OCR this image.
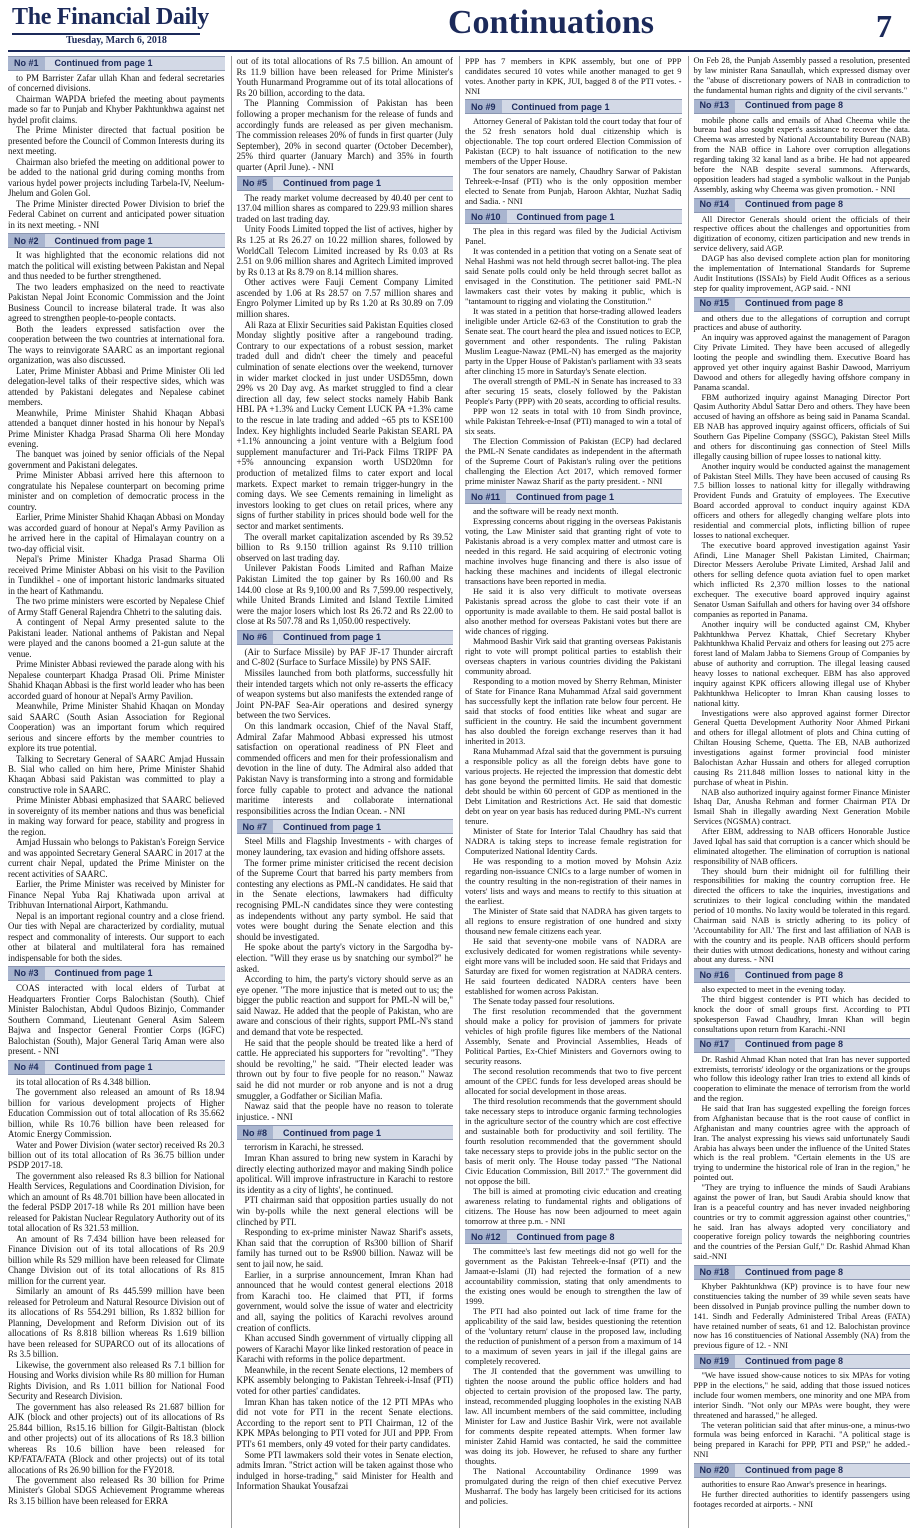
The Financial Daily
Tuesday, March 6, 2018	Continuations	7
No #1	Continued from page 1

to PM Barrister Zafar ullah Khan and federal secretaries of concerned divisions.

Chairman WAPDA briefed the meeting about payments made so far to Punjab and Khyber Pakhtunkhwa against net hydel profit claims.

The Prime Minister directed that factual position be presented before the Council of Common Interests during its next meeting.

Chairman also briefed the meeting on additional power to be added to the national grid during coming months from various hydel power projects including Tarbela-IV, Neelum-Jhelum and Golen Gol.

The Prime Minister directed Power Division to brief the Federal Cabinet on current and anticipated power situation in its next meeting. - NNI

No #2	Continued from page 1

It was highlighted that the economic relations did not match the political will existing between Pakistan and Nepal and thus needed to be further strengthened.

The two leaders emphasized on the need to reactivate Pakistan Nepal Joint Economic Commission and the Joint Business Council to increase bilateral trade. It was also agreed to strengthen people-to-people contacts.

Both the leaders expressed satisfaction over the cooperation between the two countries at international fora. The ways to reinvigorate SAARC as an important regional organization, was also discussed.

Later, Prime Minister Abbasi and Prime Minister Oli led delegation-level talks of their respective sides, which was attended by Pakistani delegates and Nepalese cabinet members.

Meanwhile, Prime Minister Shahid Khaqan Abbasi attended a banquet dinner hosted in his honour by Nepal's Prime Minister Khadga Prasad Sharma Oli here Monday evening.

The banquet was joined by senior officials of the Nepal government and Pakistani delegates.

Prime Minister Abbasi arrived here this afternoon to congratulate his Nepalese counterpart on becoming prime minister and on completion of democratic process in the country.

Earlier, Prime Minister Shahid Khaqan Abbasi on Monday was accorded guard of honour at Nepal's Army Pavilion as he arrived here in the capital of Himalayan country on a two-day official visit.

Nepal's Prime Minister Khadga Prasad Sharma Oli received Prime Minister Abbasi on his visit to the Pavilion in Tundikhel - one of important historic landmarks situated in the heart of Kathmandu.

The two prime ministers were escorted by Nepalese Chief of Army Staff General Rajendra Chhetri to the saluting dais.

A contingent of Nepal Army presented salute to the Pakistani leader. National anthems of Pakistan and Nepal were played and the canons boomed a 21-gun salute at the venue.

Prime Minister Abbasi reviewed the parade along with his Nepalese counterpart Khadga Prasad Oli. Prime Minister Shahid Khaqan Abbasi is the first world leader who has been accorded guard of honour at Nepal's Army Pavilion.

Meanwhile, Prime Minister Shahid Khaqan on Monday said SAARC (South Asian Association for Regional Cooperation) was an important forum which required serious and sincere efforts by the member countries to explore its true potential.

Talking to Secretary General of SAARC Amjad Hussain B. Sial who called on him here, Prime Minister Shahid Khaqan Abbasi said Pakistan was committed to play a constructive role in SAARC.

Prime Minister Abbasi emphasized that SAARC believed in sovereignty of its member nations and thus was beneficial in making way forward for peace, stability and progress in the region.

Amjad Hussain who belongs to Pakistan's Foreign Service and was appointed Secretary General SAARC in 2017 at the current chair Nepal, updated the Prime Minister on the recent activities of SAARC.

Earlier, the Prime Minister was received by Minister for Finance Nepal Yuba Raj Khatiwada upon arrival at Tribhuvan International Airport, Kathmandu.

Nepal is an important regional country and a close friend. Our ties with Nepal are characterized by cordiality, mutual respect and commonality of interests. Our support to each other at bilateral and multilateral fora has remained indispensable for both the sides.

No #3	Continued from page 1

COAS interacted with local elders of Turbat at Headquarters Frontier Corps Balochistan (South). Chief Minister Balochistan, Abdul Qudoos Bizinjo, Commander Southern Command, Lieutenant General Asim Saleem Bajwa and Inspector General Frontier Corps (IGFC) Balochistan (South), Major General Tariq Aman were also present. - NNI

No #4	Continued from page 1

its total allocation of Rs 4.348 billion.

The government also released an amount of Rs 18.94 billion for various development projects of Higher Education Commission out of total allocation of Rs 35.662 billion, while Rs 10.76 billion have been released for Atomic Energy Commission.

Water and Power Division (water sector) received Rs 20.3 billion out of its total allocation of Rs 36.75 billion under PSDP 2017-18.

The government also released Rs 8.3 billion for National Health Services, Regulations and Coordination Division, for which an amount of Rs 48.701 billion have been allocated in the federal PSDP 2017-18 while Rs 201 million have been released for Pakistan Nuclear Regulatory Authority out of its total allocation of Rs 321.53 million.

An amount of Rs 7.434 billion have been released for Finance Division out of its total allocations of Rs 20.9 billion while Rs 529 million have been released for Climate Change Division out of its total allocations of Rs 815 million for the current year.

Similarly an amount of Rs 445.599 million have been released for Petroleum and Natural Resource Division out of its allocations of Rs 554.291 billion, Rs 1.832 billion for Planning, Development and Reform Division out of its allocations of Rs 8.818 billion whereas Rs 1.619 billion have been released for SUPARCO out of its allocations of Rs 3.5 billion.

Likewise, the government also released Rs 7.1 billion for Housing and Works division while Rs 80 million for Human Rights Division, and Rs 1.011 billion for National Food Security and Research Division.

The government has also released Rs 21.687 billion for AJK (block and other projects) out of its allocations of Rs 25.844 billion, Rs15.16 billion for Gilgit-Baltistan (block and other projects) out of its allocations of Rs 18.3 billion whereas Rs 10.6 billion have been released for KP/FATA/FATA (Block and other projects) out of its total allocations of Rs 26.90 billion for the FY2018.

The government also released Rs 30 billion for Prime Minister's Global SDGS Achievement Programme whereas Rs 3.15 billion have been released for ERRA

out of its total allocations of Rs 7.5 billion. An amount of Rs 11.9 billion have been released for Prime Minister's Youth Hunarmand Programme out of its total allocations of Rs 20 billion, according to the data.

The Planning Commission of Pakistan has been following a proper mechanism for the release of funds and accordingly funds are released as per given mechanism. The commission releases 20% of funds in first quarter (July September), 20% in second quarter (October December), 25% third quarter (January March) and 35% in fourth quarter (April June). - NNI

No #5	Continued from page 1

The ready market volume decreased by 40.40 per cent to 137.04 million shares as compared to 229.93 million shares traded on last trading day.

Unity Foods Limited topped the list of actives, higher by Rs 1.25 at Rs 26.27 on 10.22 million shares, followed by WorldCall Telecom Limited increased by Rs 0.03 at Rs 2.51 on 9.06 million shares and Agritech Limited improved by Rs 0.13 at Rs 8.79 on 8.14 million shares.

Other actives were Fauji Cement Company Limited ascended by 1.06 at Rs 28.57 on 7.57 million shares and Engro Polymer Limited up by Rs 1.20 at Rs 30.89 on 7.09 million shares.

Ali Raza at Elixir Securities said Pakistan Equities closed Monday slightly positive after a rangebound trading. Contrary to our expectations of a robust session, market traded dull and didn't cheer the timely and peaceful culmination of senate elections over the weekend, turnover in wider market clocked in just under USD55mn, down 29% vs 20 Day avg. As market struggled to find a clear direction all day, few select stocks namely Habib Bank HBL PA +1.3% and Lucky Cement LUCK PA +1.3% came to the rescue in late trading and added ~65 pts to KSE100 Index. Key highlights included Searle Pakistan SEARL PA +1.1% announcing a joint venture with a Belgium food supplement manufacturer and Tri-Pack Films TRIPF PA +5% announcing expansion worth USD20mn for production of metalized films to cater export and local markets. Expect market to remain trigger-hungry in the coming days. We see Cements remaining in limelight as investors looking to get clues on retail prices, where any signs of further stability in prices should bode well for the sector and market sentiments.

The overall market capitalization ascended by Rs 39.52 billion to Rs 9.150 trillion against Rs 9.110 trillion observed on last trading day.

Unilever Pakistan Foods Limited and Rafhan Maize Pakistan Limited the top gainer by Rs 160.00 and Rs 144.00 close at Rs 9,100.00 and Rs 7,599.00 respectively, while United Brands Limited and Island Textile Limited were the major losers which lost Rs 26.72 and Rs 22.00 to close at Rs 507.78 and Rs 1,050.00 respectively.

No #6	Continued from page 1

(Air to Surface Missile) by PAF JF-17 Thunder aircraft and C-802 (Surface to Surface Missile) by PNS SAIF.

Missiles launched from both platforms, successfully hit their intended targets which not only re-asserts the efficacy of weapon systems but also manifests the extended range of Joint PN-PAF Sea-Air operations and desired synergy between the two Services.

On this landmark occasion, Chief of the Naval Staff, Admiral Zafar Mahmood Abbasi expressed his utmost satisfaction on operational readiness of PN Fleet and commended officers and men for their professionalism and devotion in the line of duty. The Admiral also added that Pakistan Navy is transforming into a strong and formidable force fully capable to protect and advance the national maritime interests and collaborate international responsibilities across the Indian Ocean. - NNI

No #7	Continued from page 1

Steel Mills and Flagship Investments - with charges of money laundering, tax evasion and hiding offshore assets.

The former prime minister criticised the recent decision of the Supreme Court that barred his party members from contesting any elections as PML-N candidates. He said that in the Senate elections, lawmakers had difficulty recognising PML-N candidates since they were contesting as independents without any party symbol. He said that votes were bought during the Senate election and this should be investigated.

He spoke about the party's victory in the Sargodha by-election. "Will they erase us by snatching our symbol?" he asked.

According to him, the party's victory should serve as an eye opener. "The more injustice that is meted out to us; the bigger the public reaction and support for PML-N will be," said Nawaz. He added that the people of Pakistan, who are aware and conscious of their rights, support PML-N's stand and demand that vote be respected.

He said that the people should be treated like a herd of cattle. He appreciated his supporters for "revolting". "They should be revolting," he said. "Their elected leader was thrown out by four to five people for no reason." Nawaz said he did not murder or rob anyone and is not a drug smuggler, a Godfather or Sicilian Mafia.

Nawaz said that the people have no reason to tolerate injustice. - NNI

No #8	Continued from page 1

terrorism in Karachi, he stressed.

Imran Khan assured to bring new system in Karachi by directly electing authorized mayor and making Sindh police apolitical. Will improve infrastructure in Karachi to restore its identity as a city of lights', he continued.

PTI chairman said that opposition parties usually do not win by-polls while the next general elections will be clinched by PTI.

Responding to ex-prime minister Nawaz Sharif's assets, Khan said that the corruption of Rs300 billion of Sharif family has turned out to be Rs900 billion. Nawaz will be sent to jail now, he said.

Earlier, in a surprise announcement, Imran Khan had announced that he would contest general elections 2018 from Karachi too. He claimed that PTI, if forms government, would solve the issue of water and electricity and all, saying the politics of Karachi revolves around creation of conflicts.

Khan accused Sindh government of virtually clipping all powers of Karachi Mayor like linked restoration of peace in Karachi with reforms in the police department.

Meanwhile, in the recent Senate elections, 12 members of KPK assembly belonging to Pakistan Tehreek-i-Insaf (PTI) voted for other parties' candidates.

Imran Khan has taken notice of the 12 PTI MPAs who did not vote for PTI in the recent Senate elections. According to the report sent to PTI Chairman, 12 of the KPK MPAs belonging to PTI voted for JUI and PPP. From PTI's 61 members, only 49 voted for their party candidates.

Some PTI lawmakers sold their votes in Senate election, admits Imran. "Strict action will be taken against those who indulged in horse-trading," said Minister for Health and Information Shaukat Yousafzai

PPP has 7 members in KPK assembly, but one of PPP candidates secured 10 votes while another managed to get 9 votes. Another party in KPK, JUI, bagged 8 of the PTI votes. - NNI

No #9	Continued from page 1

Attorney General of Pakistan told the court today that four of the 52 fresh senators hold dual citizenship which is objectionable. The top court ordered Election Commission of Pakistan (ECP) to halt issuance of notification to the new members of the Upper House.

The four senators are namely, Chaudhry Sarwar of Pakistan Tehreek-e-Insaf (PTI) who is the only opposition member elected to Senate from Punjab, Haroon Akhtar, Nuzhat Sadiq and Sadia. - NNI

No #10	Continued from page 1

The plea in this regard was filed by the Judicial Activism Panel.

It was contended in a petition that voting on a Senate seat of Nehal Hashmi was not held through secret ballot-ing. The plea said Senate polls could only be held through secret ballot as envisaged in the Constitution. The petitioner said PML-N lawmakers cast their votes by making it public, which is "tantamount to rigging and violating the Constitution."

It was stated in a petition that horse-trading allowed leaders ineligible under Article 62-63 of the Constitution to grab the Senate seat. The court heard the plea and issued notices to ECP, government and other respondents. The ruling Pakistan Muslim League-Nawaz (PML-N) has emerged as the majority party in the Upper House of Pakistan's parliament with 33 seats after clinching 15 more in Saturday's Senate election.

The overall strength of PML-N in Senate has increased to 33 after securing 15 seats, closely followed by the Pakistan People's Party (PPP) with 20 seats, according to official results.

PPP won 12 seats in total with 10 from Sindh province, while Pakistan Tehreek-e-Insaf (PTI) managed to win a total of six seats.

The Election Commission of Pakistan (ECP) had declared the PML-N Senate candidates as independent in the aftermath of the Supreme Court of Pakistan's ruling over the petitions challenging the Election Act 2017, which removed former prime minister Nawaz Sharif as the party president. - NNI

No #11	Continued from page 1

and the software will be ready next month.

Expressing concerns about rigging in the overseas Pakistanis voting, the Law Minister said that granting right of vote to Pakistanis abroad is a very complex matter and utmost care is needed in this regard. He said acquiring of electronic voting machine involves huge financing and there is also issue of hacking these machines and incidents of illegal electronic transactions have been reported in media.

He said it is also very difficult to motivate overseas Pakistanis spread across the globe to cast their vote if an opportunity is made available to them. He said postal ballot is also another method for overseas Pakistani votes but there are wide chances of rigging.

Mahmood Bashir Virk said that granting overseas Pakistanis right to vote will prompt political parties to establish their overseas chapters in various countries dividing the Pakistani community abroad.

Responding to a motion moved by Sherry Rehman, Minister of State for Finance Rana Muhammad Afzal said government has successfully kept the inflation rate below four percent. He said that stocks of food entities like wheat and sugar are sufficient in the country. He said the incumbent government has also doubled the foreign exchange reserves than it had inherited in 2013.

Rana Muhammad Afzal said that the government is pursuing a responsible policy as all the foreign debts have gone to various projects. He rejected the impression that domestic debt has gone beyond the permitted limits. He said that domestic debt should be within 60 percent of GDP as mentioned in the Debt Limitation and Restrictions Act. He said that domestic debt on year on year basis has reduced during PML-N's current tenure.

Minister of State for Interior Talal Chaudhry has said that NADRA is taking steps to increase female registration for Computerized National Identity Cards.

He was responding to a motion moved by Mohsin Aziz regarding non-issuance CNICs to a large number of women in the country resulting in the non-registration of their names in voters' lists and ways and means to rectify to this situation at the earliest.

The Minister of State said that NADRA has given targets to all regions to ensure registration of one hundred and sixty thousand new female citizens each year.

He said that seventy-one mobile vans of NADRA are exclusively dedicated for women registrations while seventy-eight more vans will be included soon. He said that Fridays and Saturday are fixed for women registration at NADRA centers. He said fourteen dedicated NADRA centers have been established for women across Pakistan.

The Senate today passed four resolutions.

The first resolution recommended that the government should make a policy for provision of jammers for private vehicles of high profile figures like members of the National Assembly, Senate and Provincial Assemblies, Heads of Political Parties, Ex-Chief Ministers and Governors owing to security reasons.

The second resolution recommends that two to five percent amount of the CPEC funds for less developed areas should be allocated for social development in those areas.

The third resolution recommends that the government should take necessary steps to introduce organic farming technologies in the agriculture sector of the country which are cost effective and sustainable both for productivity and soil fertility. The fourth resolution recommended that the government should take necessary steps to provide jobs in the public sector on the basis of merit only. The House today passed "The National Civic Education Commission, Bill 2017." The government did not oppose the bill.

The bill is aimed at promoting civic education and creating awareness relating to fundamental rights and obligations of citizens. The House has now been adjourned to meet again tomorrow at three p.m. - NNI

No #12	Continued from page 8

The committee's last few meetings did not go well for the government as the Pakistan Tehreek-e-Insaf (PTI) and the Jamaat-e-Islami (JI) had rejected the formation of a new accountability commission, stating that only amendments to the existing ones would be enough to strengthen the law of 1999.

The PTI had also pointed out lack of time frame for the applicability of the said law, besides questioning the retention of the 'voluntary return' clause in the proposed law, including the reduction of punishment of a person from a maximum of 14 to a maximum of seven years in jail if the illegal gains are completely recovered.

The JI contended that the government was unwilling to tighten the noose around the public office holders and had objected to certain provision of the proposed law. The party, instead, recommended plugging loopholes in the existing NAB law. All incumbent members of the said committee, including Minister for Law and Justice Bashir Virk, were not available for comments despite repeated attempts. When former law minister Zahid Hamid was contacted, he said the committee was doing its job. However, he refused to share any further thoughts.

The National Accountability Ordinance 1999 was promulgated during the reign of then chief executive Pervez Musharraf. The body has largely been criticised for its actions and policies.

On Feb 28, the Punjab Assembly passed a resolution, presented by law minister Rana Sanaullah, which expressed dismay over the "abuse of discretionary powers of NAB in contradiction to the fundamental human rights and dignity of the civil servants."

No #13	Continued from page 8

mobile phone calls and emails of Ahad Cheema while the bureau had also sought expert's assistance to recover the data. Cheema was arrested by National Accountability Bureau (NAB) from the NAB office in Lahore over corruption allegations regarding taking 32 kanal land as a bribe. He had not appeared before the NAB despite several summons. Afterwards, opposition leaders had staged a symbolic walkout in the Punjab Assembly, asking why Cheema was given promotion. - NNI

No #14	Continued from page 8

All Director Generals should orient the officials of their respective offices about the challenges and opportunities from digitization of economy, citizen participation and new trends in service delivery, said AGP.

DAGP has also devised complete action plan for monitoring the implementation of International Standards for Supreme Audit Institutions (ISSAIs) by Field Audit Offices as a serious step for quality improvement, AGP said. - NNI

No #15	Continued from page 8

and others due to the allegations of corruption and corrupt practices and abuse of authority.

An inquiry was approved against the management of Paragon City Private Limited. They have been accused of allegedly looting the people and swindling them. Executive Board has approved yet other inquiry against Bashir Dawood, Marriyum Dawood and others for allegedly having offshore company in Panama scandal.

FBM authorized inquiry against Managing Director Port Qasim Authority Abdul Sattar Dero and others. They have been accused of having an offshore as being said in Panama Scandal. EB NAB has approved inquiry against officers, officials of Sui Southern Gas Pipeline Company (SSGC), Pakistan Steel Mills and others for discontinuing gas connection of Steel Mills illegally causing billion of rupee losses to national kitty.

Another inquiry would be conducted against the management of Pakistan Steel Mills. They have been accused of causing Rs 7.5 billion losses to national kitty for illegally withdrawing Provident Funds and Gratuity of employees. The Executive Board accorded approval to conduct inquiry against KDA officers and others for allegedly changing welfare plots into residential and commercial plots, inflicting billion of rupee losses to national exchequer.

The executive board approved investigation against Yasir Afindi, Line Manager Shell Pakistan Limited, Chairman; Director Messers Aerolube Private Limited, Arshad Jalil and others for selling defence quota aviation fuel to open market which inflicted Rs 2,370 million losses to the national exchequer. The executive board approved inquiry against Senator Usman Saifullah and others for having over 34 offshore companies as reported in Panama.

Another inquiry will be conducted against CM, Khyber Pakhtunkhwa Pervez Khattak, Chief Secretary Khyber Pakhtunkhwa Khalid Pervaiz and others for leasing out 275 acre forest land of Malam Jabba to Siemens Group of Companies by abuse of authority and corruption. The illegal leasing caused heavy losses to national exchequer. EBM has also approved inquiry against KPK officers allowing illegal use of Khyber Pakhtunkhwa Helicopter to Imran Khan causing losses to national kitty.

Investigations were also approved against former Director General Quetta Development Authority Noor Ahmed Pirkani and others for illegal allotment of plots and China cutting of Chiltan Housing Scheme, Quetta. The EB, NAB authorized investigations against former provincial food minister Balochistan Azhar Hussain and others for alleged corruption causing Rs 211.848 million losses to national kitty in the purchase of wheat in Pishin.

NAB also authorized inquiry against former Finance Minister Ishaq Dar, Anusha Rehman and former Chairman PTA Dr Ismail Shah in illegally awarding Next Generation Mobile Services (NGSMA) contract.

After EBM, addressing to NAB officers Honorable Justice Javed Iqbal has said that corruption is a cancer which should be eliminated altogether. The elimination of corruption is national responsibility of NAB officers.

They should burn their midnight oil for fulfilling their responsibilities for making the country corruption free. He directed the officers to take the inquiries, investigations and scrutinizes to their logical concluding within the mandated period of 10 months. No laxity would be tolerated in this regard. Chairman said NAB is strictly adhering to its policy of 'Accountability for All.' The first and last affiliation of NAB is with the country and its people. NAB officers should perform their duties with utmost dedications, honesty and without caring about any duress. - NNI

No #16	Continued from page 8

also expected to meet in the evening today.

The third biggest contender is PTI which has decided to knock the door of small groups first. According to PTI spokesperson Fawad Chaudhry, Imran Khan will begin consultations upon return from Karachi.-NNI

No #17	Continued from page 8

Dr. Rashid Ahmad Khan noted that Iran has never supported extremists, terrorists' ideology or the organizations or the groups who follow this ideology rather Iran tries to extend all kinds of cooperation to eliminate the menace of terrorism from the world and the region.

He said that Iran has suggested expelling the foreign forces from Afghanistan because that is the root cause of conflict in Afghanistan and many countries agree with the approach of Iran. The analyst expressing his views said unfortunately Saudi Arabia has always been under the influence of the United States which is the real problem. "Certain elements in the US are trying to undermine the historical role of Iran in the region," he pointed out.

"They are trying to influence the minds of Saudi Arabians against the power of Iran, but Saudi Arabia should know that Iran is a peaceful country and has never invaded neighboring countries or try to commit aggression against other countries," he said. Iran has always adopted very conciliatory and cooperative foreign policy towards the neighboring countries and the countries of the Persian Gulf," Dr. Rashid Ahmad Khan said.-NNI

No #18	Continued from page 8

Khyber Pakhtunkhwa (KP) province is to have four new constituencies taking the number of 39 while seven seats have been dissolved in Punjab province pulling the number down to 141. Sindh and Federally Administered Tribal Areas (FATA) have retained number of seats, 61 and 12. Balochistan province now has 16 constituencies of National Assembly (NA) from the previous figure of 12. - NNI

No #19	Continued from page 8

"We have issued show-cause notices to six MPAs for voting PPP in the elections," he said, adding that those issued notices include four women members, one minority and one MPA from interior Sindh. "Not only our MPAs were bought, they were threatened and harassed," he alleged.

The veteran politician said that after minus-one, a minus-two formula was being enforced in Karachi. "A political stage is being prepared in Karachi for PPP, PTI and PSP," he added.-NNI

No #20	Continued from page 8

authorities to ensure Rao Anwar's presence in hearings.

He further directed authorities to identify passengers using footages recorded at airports. - NNI
